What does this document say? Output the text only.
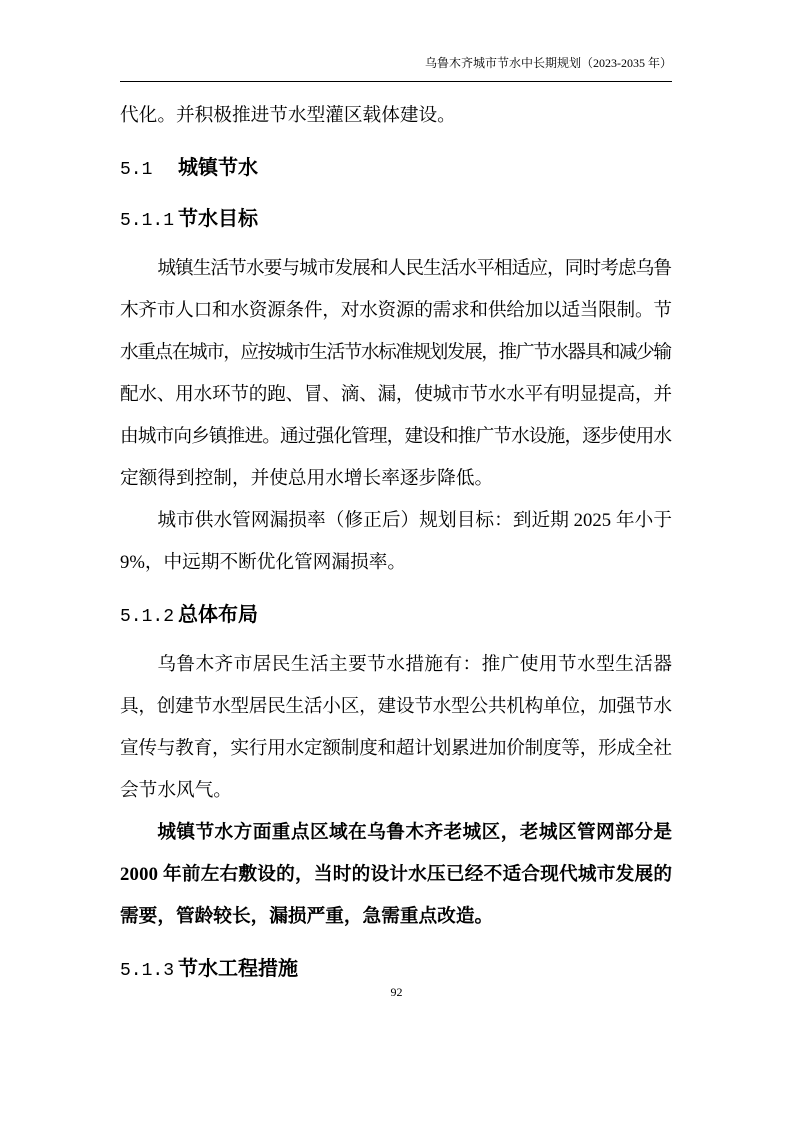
乌鲁木齐城市节水中长期规划（2023-2035 年）
代化。并积极推进节水型灌区载体建设。
5.1 城镇节水
5.1.1 节水目标
城镇生活节水要与城市发展和人民生活水平相适应，同时考虑乌鲁
木齐市人口和水资源条件，对水资源的需求和供给加以适当限制。节
水重点在城市，应按城市生活节水标准规划发展，推广节水器具和减少输
配水、用水环节的跑、冒、滴、漏，使城市节水水平有明显提高，并
由城市向乡镇推进。通过强化管理，建设和推广节水设施，逐步使用水
定额得到控制，并使总用水增长率逐步降低。
城市供水管网漏损率（修正后）规划目标：到近期 2025 年小于
9%，中远期不断优化管网漏损率。
5.1.2 总体布局
乌鲁木齐市居民生活主要节水措施有：推广使用节水型生活器
具，创建节水型居民生活小区，建设节水型公共机构单位，加强节水
宣传与教育，实行用水定额制度和超计划累进加价制度等，形成全社
会节水风气。
城镇节水方面重点区域在乌鲁木齐老城区，老城区管网部分是
2000 年前左右敷设的，当时的设计水压已经不适合现代城市发展的
需要，管龄较长，漏损严重，急需重点改造。
5.1.3 节水工程措施
92
